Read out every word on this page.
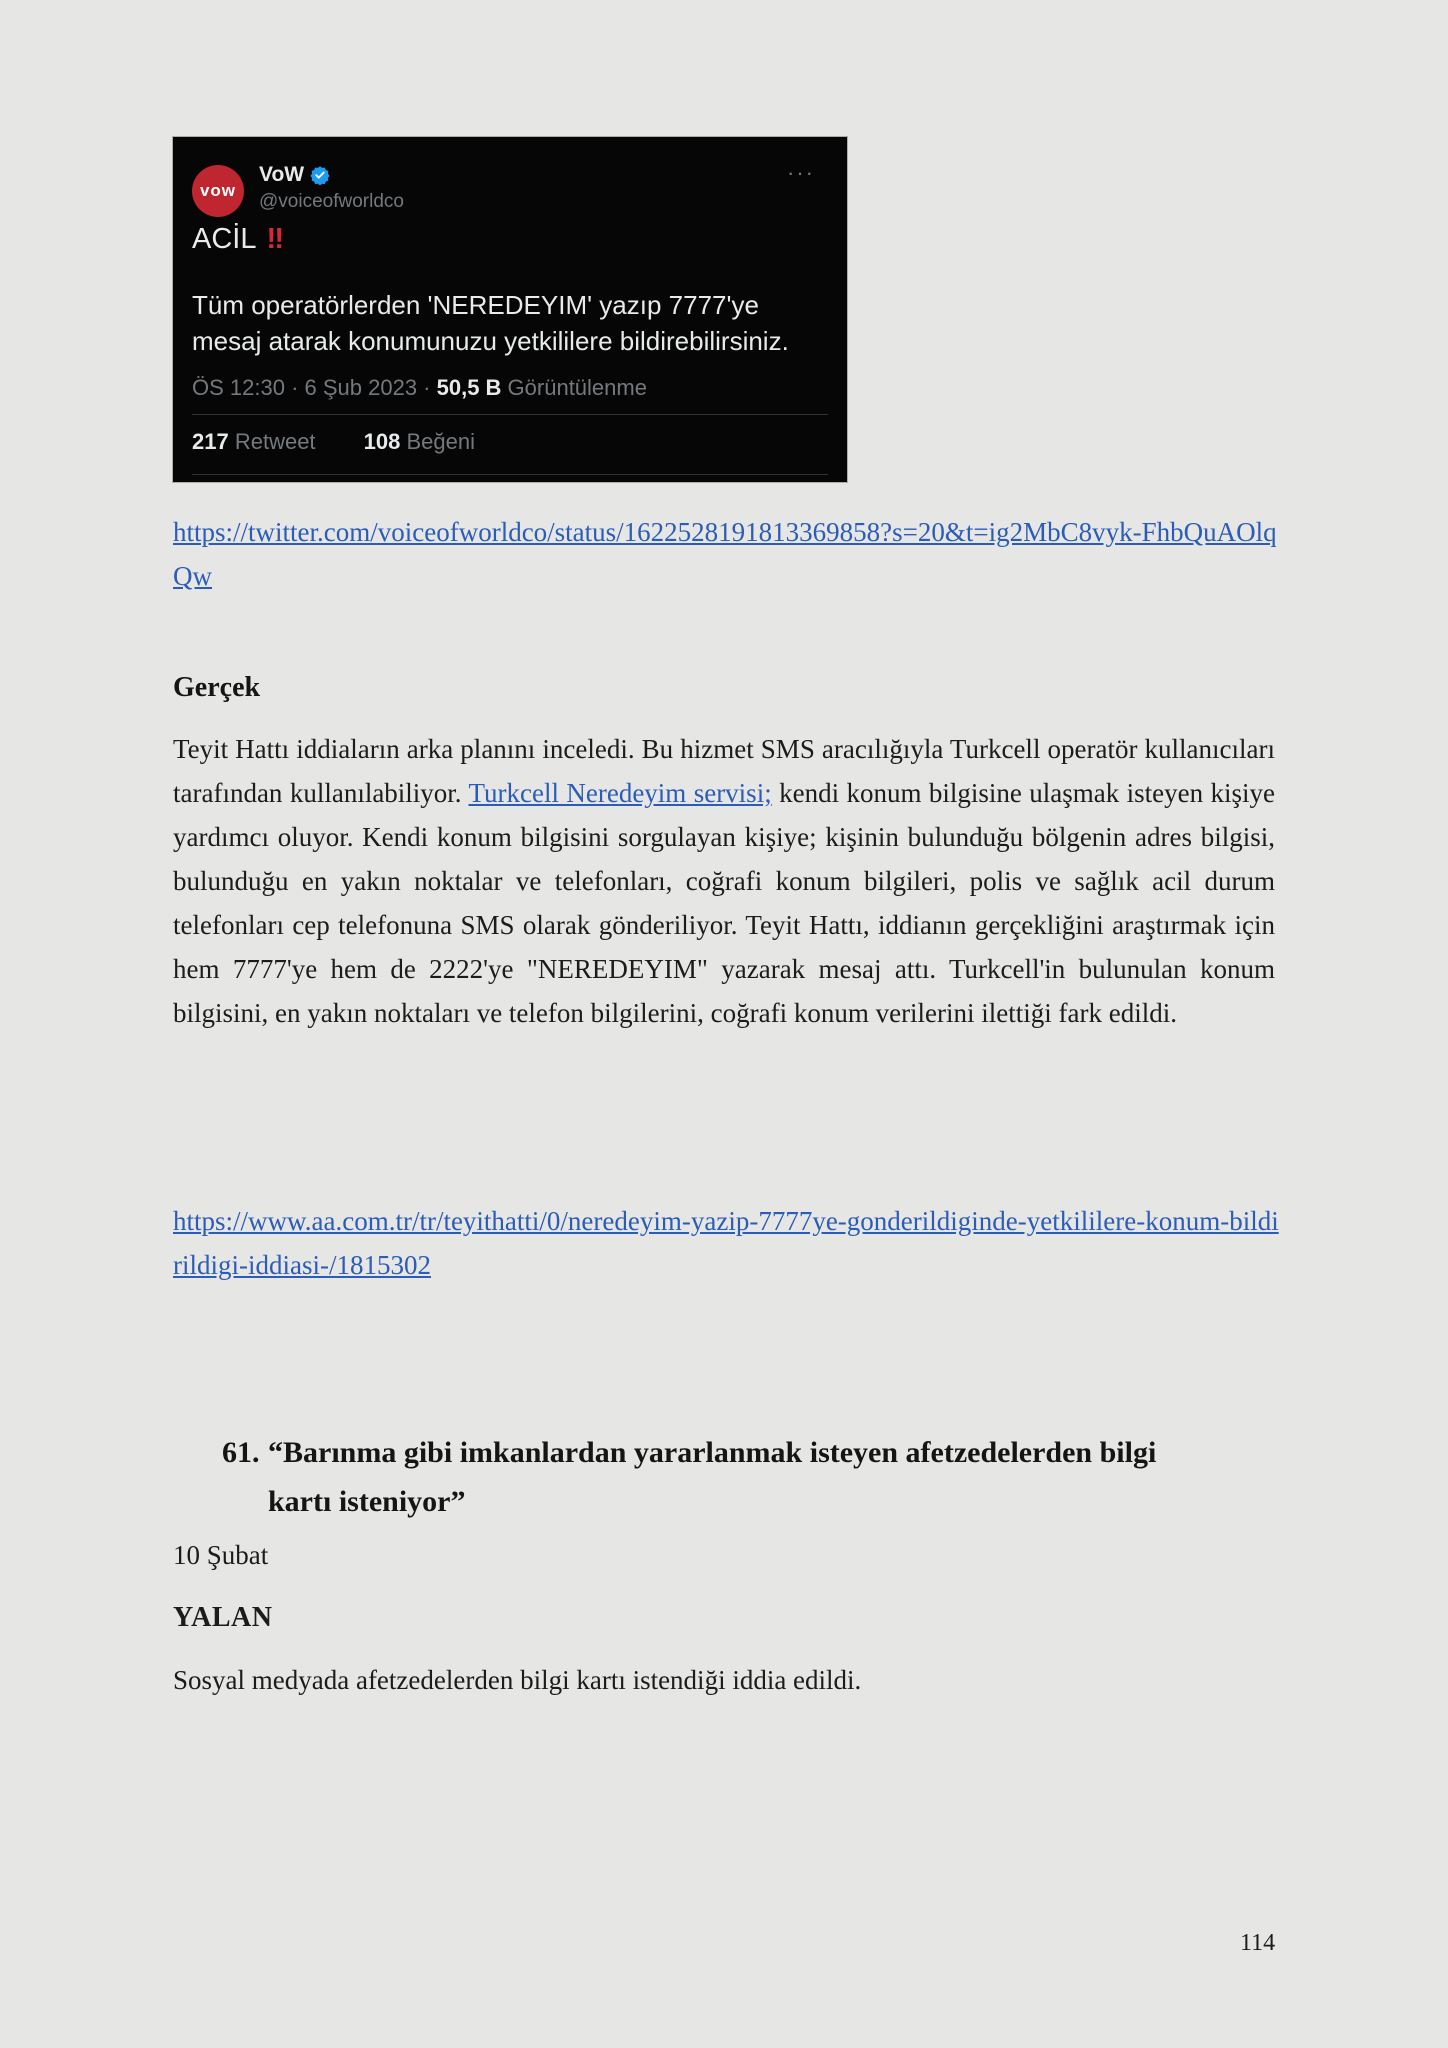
vow
VoW
@voiceofworldco
···
ACİL ‼
Tüm operatörlerden 'NEREDEYIM' yazıp 7777'ye mesaj atarak konumunuzu yetkililere bildirebilirsiniz.
ÖS 12:30 · 6 Şub 2023 · 50,5 B Görüntülenme
217 Retweet 108 Beğeni
https://twitter.com/voiceofworldco/status/1622528191813369858?s=20&t=ig2MbC8vyk-FhbQuAOlqQw
Gerçek

Teyit Hattı iddiaların arka planını inceledi. Bu hizmet SMS aracılığıyla Turkcell operatör kullanıcıları tarafından kullanılabiliyor. Turkcell Neredeyim servisi; kendi konum bilgisine ulaşmak isteyen kişiye yardımcı oluyor. Kendi konum bilgisini sorgulayan kişiye; kişinin bulunduğu bölgenin adres bilgisi, bulunduğu en yakın noktalar ve telefonları, coğrafi konum bilgileri, polis ve sağlık acil durum telefonları cep telefonuna SMS olarak gönderiliyor. Teyit Hattı, iddianın gerçekliğini araştırmak için hem 7777'ye hem de 2222'ye "NEREDEYIM" yazarak mesaj attı. Turkcell'in bulunulan konum bilgisini, en yakın noktaları ve telefon bilgilerini, coğrafi konum verilerini ilettiği fark edildi.

https://www.aa.com.tr/tr/teyithatti/0/neredeyim-yazip-7777ye-gonderildiginde-yetkililere-konum-bildirildigi-iddiasi-/1815302
61. “Barınma gibi imkanlardan yararlanmak isteyen afetzedelerden bilgi kartı isteniyor”
10 Şubat
YALAN
Sosyal medyada afetzedelerden bilgi kartı istendiği iddia edildi.
114
